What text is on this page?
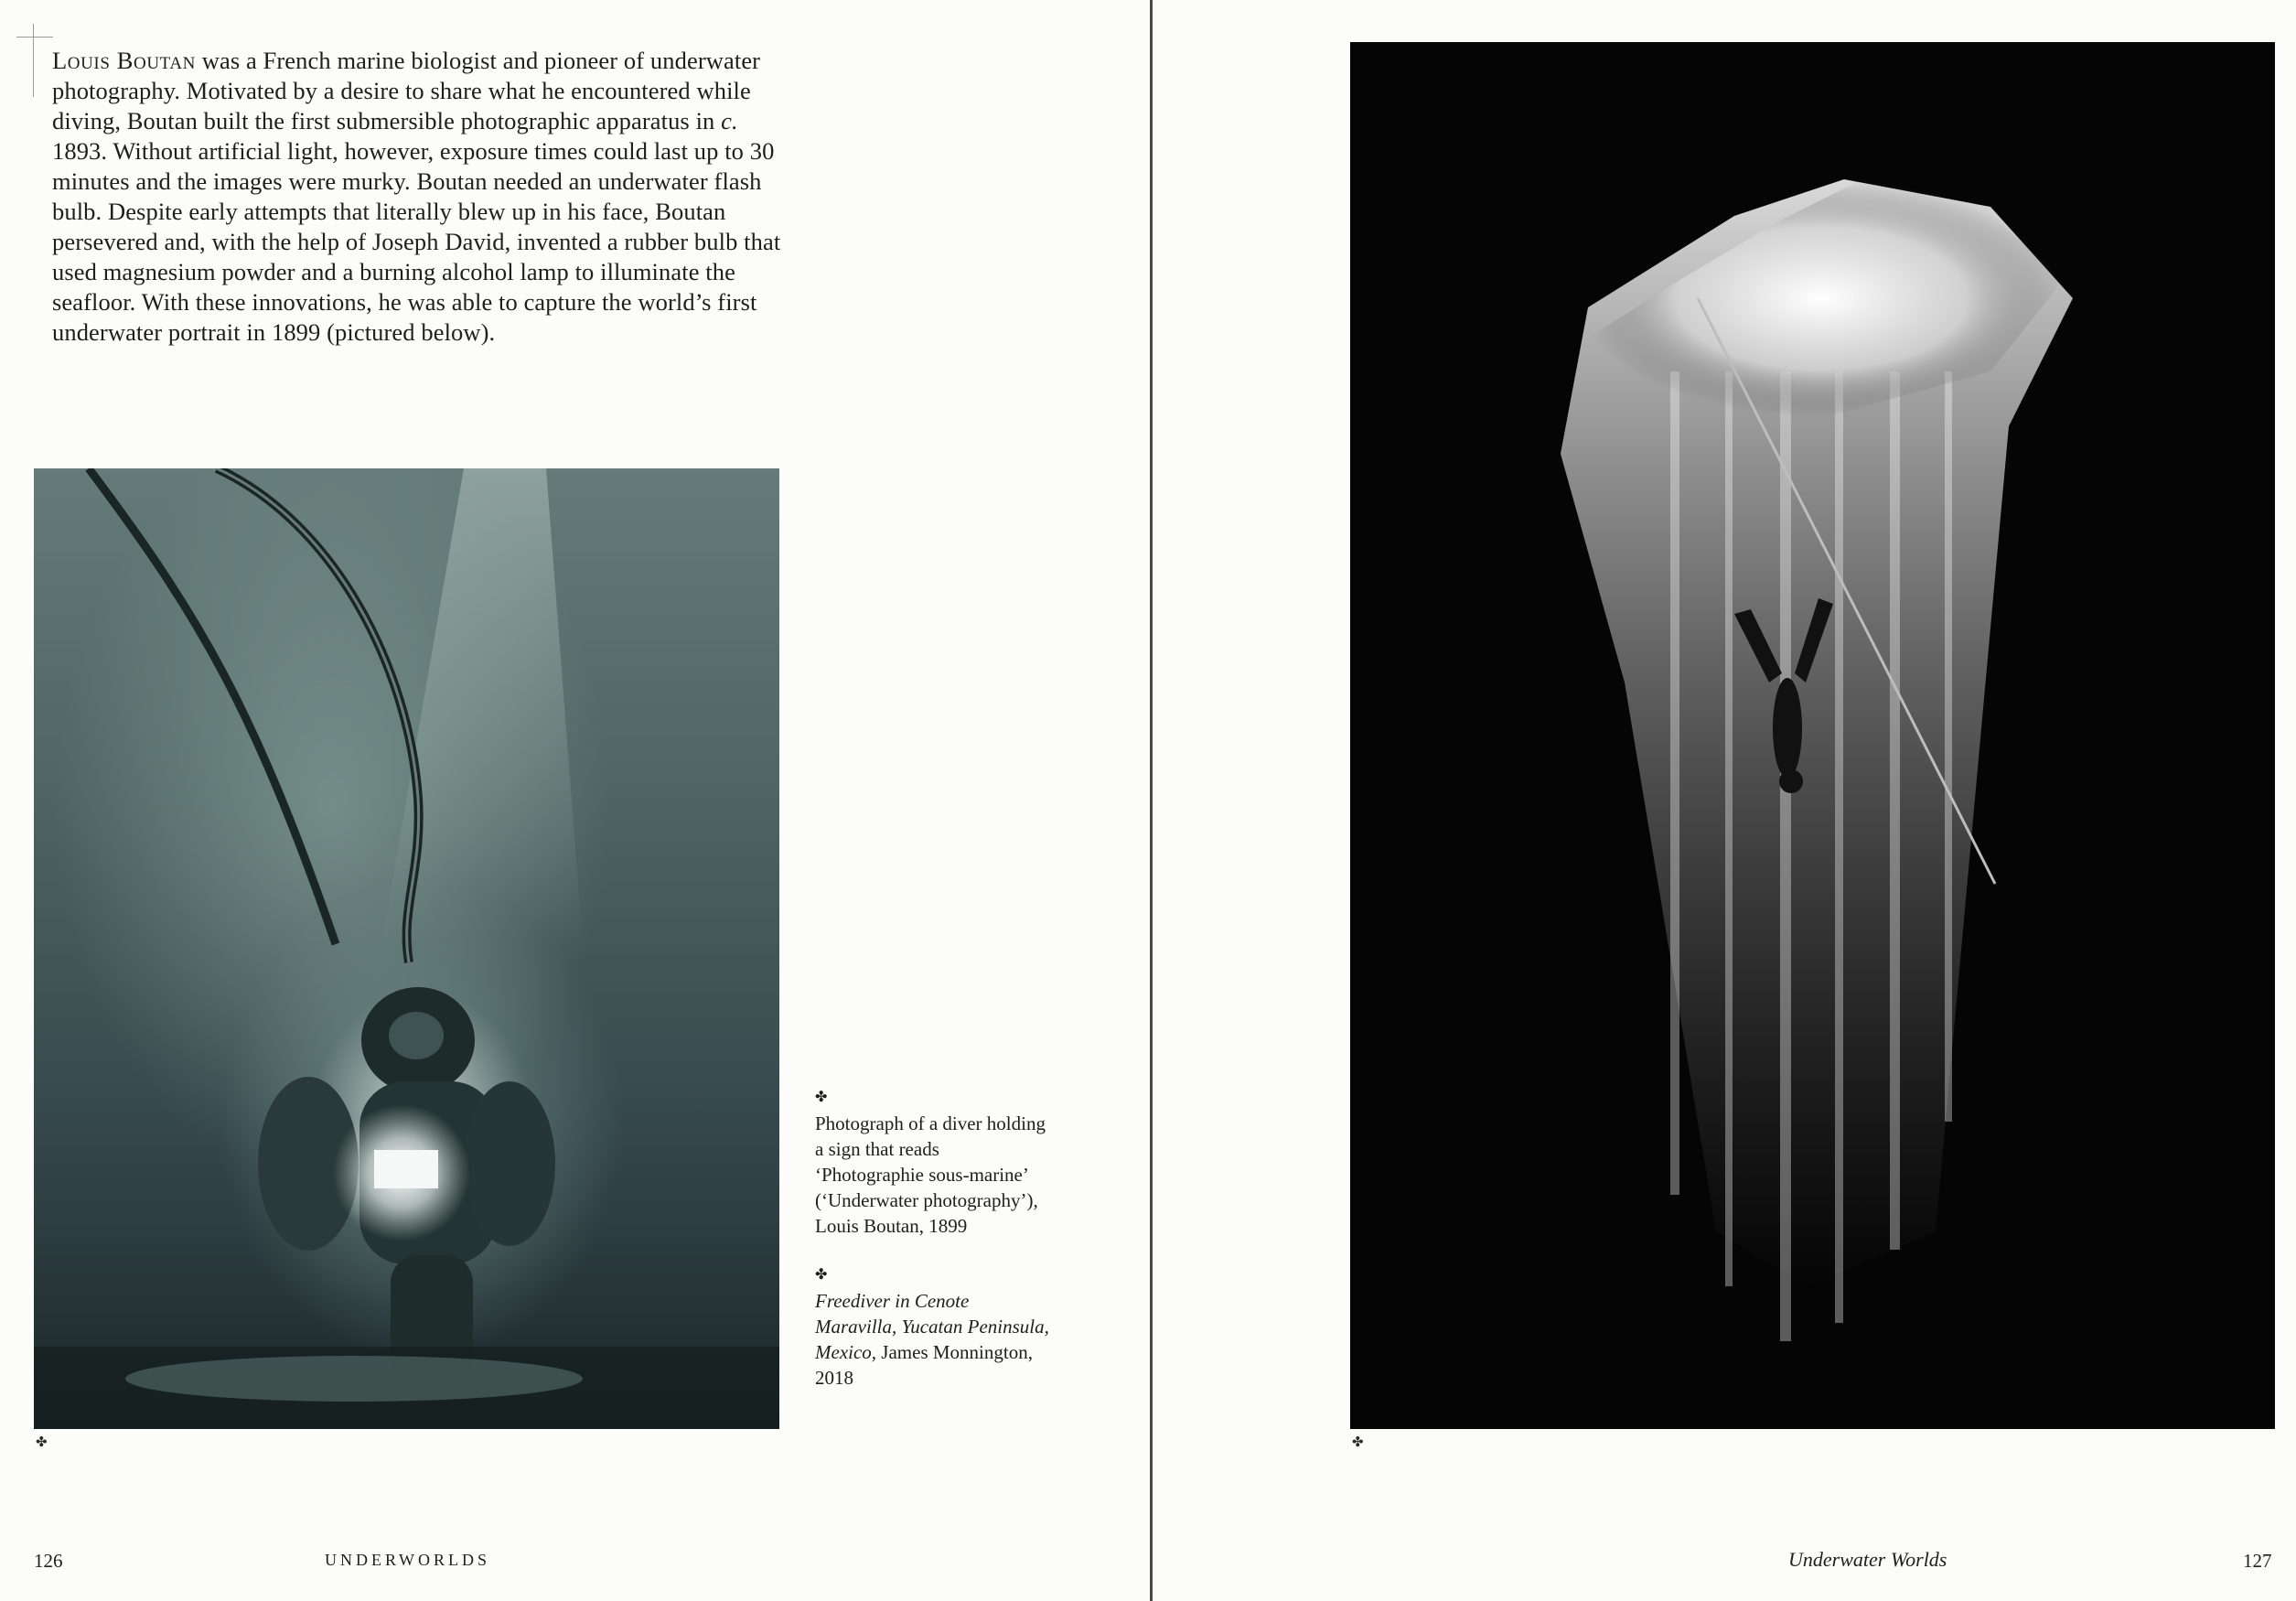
Louis Boutan was a French marine biologist and pioneer of underwater photography. Motivated by a desire to share what he encountered while diving, Boutan built the first submersible photographic apparatus in c. 1893. Without artificial light, however, exposure times could last up to 30 minutes and the images were murky. Boutan needed an underwater flash bulb. Despite early attempts that literally blew up in his face, Boutan persevered and, with the help of Joseph David, invented a rubber bulb that used magnesium powder and a burning alcohol lamp to illuminate the seafloor. With these innovations, he was able to capture the world’s first underwater portrait in 1899 (pictured below).
✤	✤
✤

Photograph of a diver holding a sign that reads ‘Photographie sous-marine’ (‘Underwater photography’), Louis Boutan, 1899

✤

Freediver in Cenote Maravilla, Yucatan Peninsula, Mexico, James Monnington, 2018

126	UNDERWORLDS	Underwater Worlds	127
